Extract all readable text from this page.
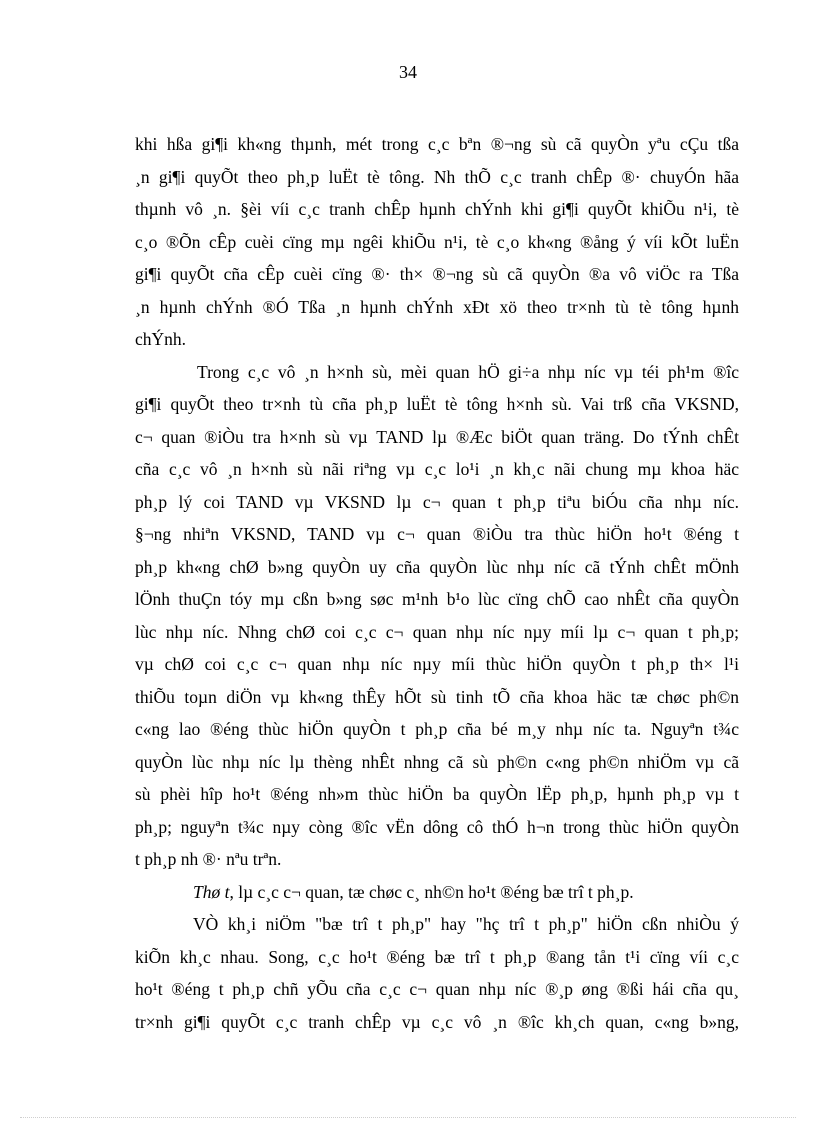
34
khi hßa gi¶i kh«ng thµnh, mét trong c¸c bªn ®¬ng sù cã quyÒn yªu cÇu tßa
¸n gi¶i quyÕt theo ph¸p luËt tè tông. Nh thÕ c¸c tranh chÊp ®· chuyÓn hãa
thµnh vô ¸n. §èi víi c¸c tranh chÊp hµnh chÝnh khi gi¶i quyÕt khiÕu n¹i, tè
c¸o ®Õn cÊp cuèi cïng mµ ngêi khiÕu n¹i, tè c¸o kh«ng ®ång ý víi kÕt luËn
gi¶i quyÕt cña cÊp cuèi cïng ®· th× ®¬ng sù cã quyÒn ®a vô viÖc ra Tßa
¸n hµnh chÝnh ®Ó Tßa ¸n hµnh chÝnh xÐt xö theo tr×nh tù tè tông hµnh
chÝnh.
Trong c¸c vô ¸n h×nh sù, mèi quan hÖ gi÷a nhµ níc vµ téi ph¹m ®îc
gi¶i quyÕt theo tr×nh tù cña ph¸p luËt tè tông h×nh sù. Vai trß cña VKSND,
c¬ quan ®iÒu tra h×nh sù vµ TAND lµ ®Æc biÖt quan träng. Do tÝnh chÊt
cña c¸c vô ¸n h×nh sù nãi riªng vµ c¸c lo¹i ¸n kh¸c nãi chung mµ khoa häc
ph¸p lý coi TAND vµ VKSND lµ c¬ quan t ph¸p tiªu biÓu cña nhµ níc.
§¬ng nhiªn VKSND, TAND vµ c¬ quan ®iÒu tra thùc hiÖn ho¹t ®éng t
ph¸p kh«ng chØ b»ng quyÒn uy cña quyÒn lùc nhµ níc cã tÝnh chÊt mÖnh
lÖnh thuÇn tóy mµ cßn b»ng søc m¹nh b¹o lùc cïng chÕ cao nhÊt cña quyÒn
lùc nhµ níc. Nhng chØ coi c¸c c¬ quan nhµ níc nµy míi lµ c¬ quan t ph¸p;
vµ chØ coi c¸c c¬ quan nhµ níc nµy míi thùc hiÖn quyÒn t ph¸p th× l¹i
thiÕu toµn diÖn vµ kh«ng thÊy hÕt sù tinh tÕ cña khoa häc tæ chøc ph©n
c«ng lao ®éng thùc hiÖn quyÒn t ph¸p cña bé m¸y nhµ níc ta. Nguyªn t¾c
quyÒn lùc nhµ níc lµ thèng nhÊt nhng cã sù ph©n c«ng ph©n nhiÖm vµ cã
sù phèi hîp ho¹t ®éng nh»m thùc hiÖn ba quyÒn lËp ph¸p, hµnh ph¸p vµ t
ph¸p; nguyªn t¾c nµy còng ®îc vËn dông cô thÓ h¬n trong thùc hiÖn quyÒn
t ph¸p nh ®· nªu trªn.
Thø t, lµ c¸c c¬ quan, tæ chøc c¸ nh©n ho¹t ®éng bæ trî t ph¸p.
VÒ kh¸i niÖm "bæ trî t ph¸p" hay "hç trî t ph¸p" hiÖn cßn nhiÒu ý
kiÕn kh¸c nhau. Song, c¸c ho¹t ®éng bæ trî t ph¸p ®ang tån t¹i cïng víi c¸c
ho¹t ®éng t ph¸p chñ yÕu cña c¸c c¬ quan nhµ níc ®¸p øng ®ßi hái cña qu¸
tr×nh gi¶i quyÕt c¸c tranh chÊp vµ c¸c vô ¸n ®îc kh¸ch quan, c«ng b»ng,
